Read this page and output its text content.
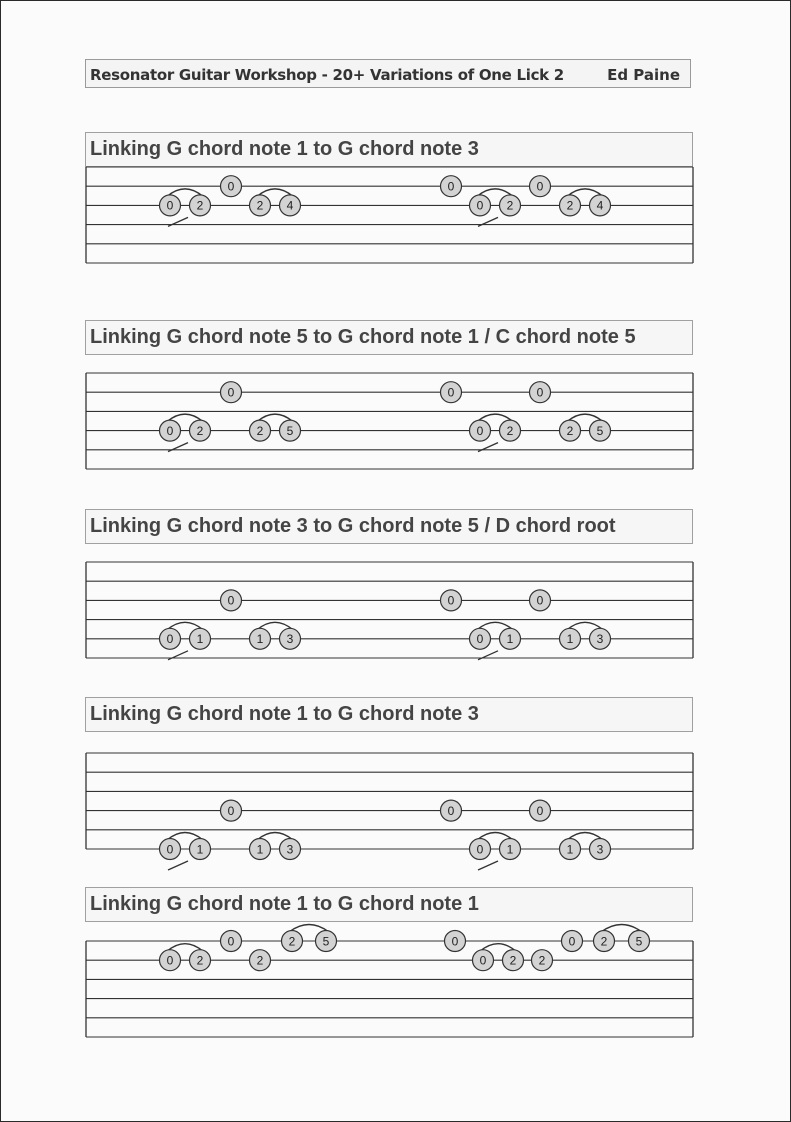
Resonator Guitar Workshop - 20+ Variations of One Lick 2	Ed Paine
Linking G chord note 1 to G chord note 3
Linking G chord note 5 to G chord note 1 / C chord note 5
Linking G chord note 3 to G chord note 5 / D chord root
Linking G chord note 1 to G chord note 3
Linking G chord note 1 to G chord note 1
0 2
0
2 4
0
0 2
0
2 4
0 2
0
2 5
0
0 2
0
2 5
0 1
0
1 3
0
0 1
0
1 3
0 1
0
1 3
0
0 1
0
1 3
0 2
0
2
2 5	0
0 2 2
0 2 5
